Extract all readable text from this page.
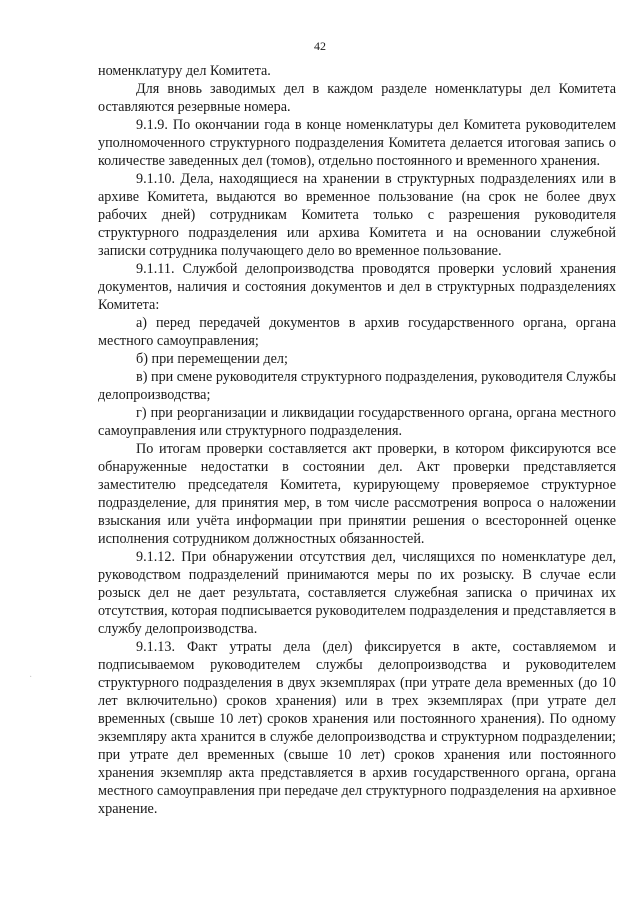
42
·

номенклатуру дел Комитета.

Для вновь заводимых дел в каждом разделе номенклатуры дел Комитета оставляются резервные номера.

9.1.9. По окончании года в конце номенклатуры дел Комитета руководителем уполномоченного структурного подразделения Комитета делается итоговая запись о количестве заведенных дел (томов), отдельно постоянного и временного хранения.

9.1.10. Дела, находящиеся на хранении в структурных подразделениях или в архиве Комитета, выдаются во временное пользование (на срок не более двух рабочих дней) сотрудникам Комитета только с разрешения руководителя структурного подразделения или архива Комитета и на основании служебной записки сотрудника получающего дело во временное пользование.

9.1.11. Службой делопроизводства проводятся проверки условий хранения документов, наличия и состояния документов и дел в структурных подразделениях Комитета:

а) перед передачей документов в архив государственного органа, органа местного самоуправления;

б) при перемещении дел;

в) при смене руководителя структурного подразделения, руководителя Службы делопроизводства;

г) при реорганизации и ликвидации государственного органа, органа местного самоуправления или структурного подразделения.

По итогам проверки составляется акт проверки, в котором фиксируются все обнаруженные недостатки в состоянии дел. Акт проверки представляется заместителю председателя Комитета, курирующему проверяемое структурное подразделение, для принятия мер, в том числе рассмотрения вопроса о наложении взыскания или учёта информации при принятии решения о всесторонней оценке исполнения сотрудником должностных обязанностей.

9.1.12. При обнаружении отсутствия дел, числящихся по номенклатуре дел, руководством подразделений принимаются меры по их розыску. В случае если розыск дел не дает результата, составляется служебная записка о причинах их отсутствия, которая подписывается руководителем подразделения и представляется в службу делопроизводства.

9.1.13. Факт утраты дела (дел) фиксируется в акте, составляемом и подписываемом руководителем службы делопроизводства и руководителем структурного подразделения в двух экземплярах (при утрате дела временных (до 10 лет включительно) сроков хранения) или в трех экземплярах (при утрате дел временных (свыше 10 лет) сроков хранения или постоянного хранения). По одному экземпляру акта хранится в службе делопроизводства и структурном подразделении; при утрате дел временных (свыше 10 лет) сроков хранения или постоянного хранения экземпляр акта представляется в архив государственного органа, органа местного самоуправления при передаче дел структурного подразделения на архивное хранение.
